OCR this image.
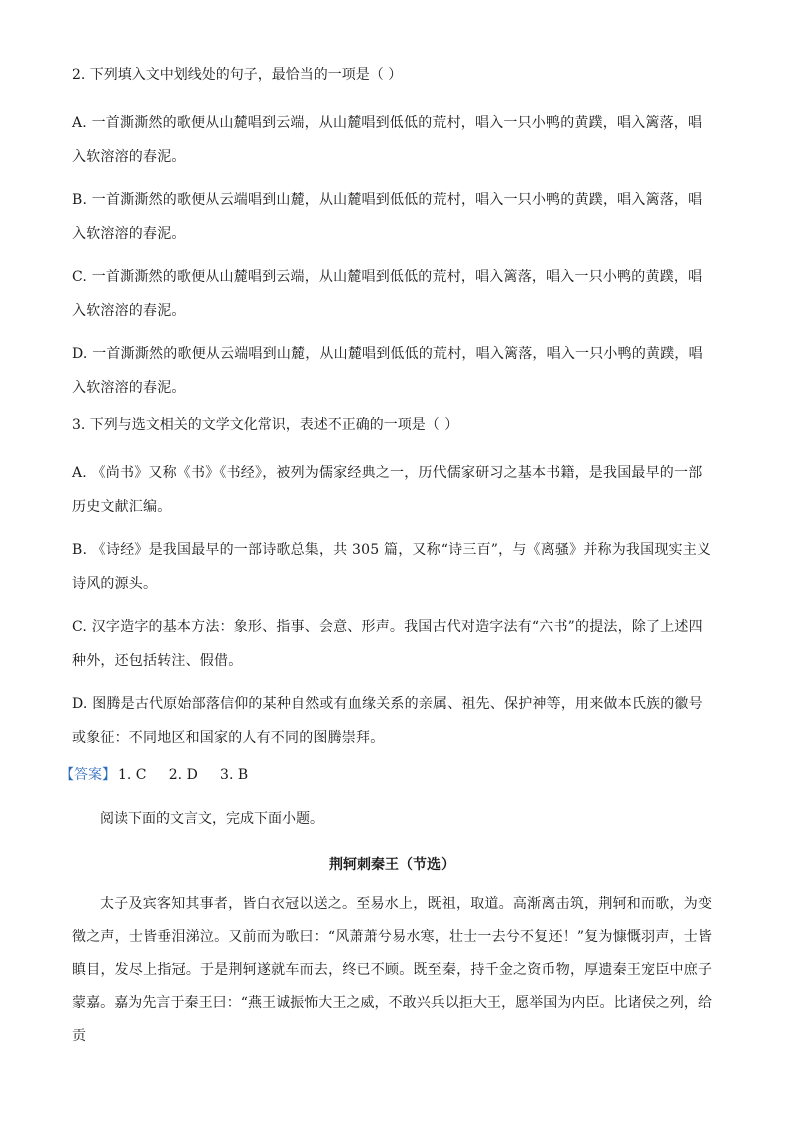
2. 下列填入文中划线处的句子，最恰当的一项是（ ）
A. 一首澌澌然的歌便从山麓唱到云端，从山麓唱到低低的荒村，唱入一只小鸭的黄蹼，唱入篱落，唱入软溶溶的春泥。
B. 一首澌澌然的歌便从云端唱到山麓，从山麓唱到低低的荒村，唱入一只小鸭的黄蹼，唱入篱落，唱入软溶溶的春泥。
C. 一首澌澌然的歌便从山麓唱到云端，从山麓唱到低低的荒村，唱入篱落，唱入一只小鸭的黄蹼，唱入软溶溶的春泥。
D. 一首澌澌然的歌便从云端唱到山麓，从山麓唱到低低的荒村，唱入篱落，唱入一只小鸭的黄蹼，唱入软溶溶的春泥。
3. 下列与选文相关的文学文化常识，表述不正确的一项是（ ）
A. 《尚书》又称《书》《书经》，被列为儒家经典之一，历代儒家研习之基本书籍，是我国最早的一部历史文献汇编。
B. 《诗经》是我国最早的一部诗歌总集，共 305 篇，又称“诗三百”，与《离骚》并称为我国现实主义诗风的源头。
C. 汉字造字的基本方法：象形、指事、会意、形声。我国古代对造字法有“六书”的提法，除了上述四种外，还包括转注、假借。
D. 图腾是古代原始部落信仰的某种自然或有血缘关系的亲属、祖先、保护神等，用来做本氏族的徽号或象征：不同地区和国家的人有不同的图腾崇拜。
【答案】 1. C     2. D     3. B
阅读下面的文言文，完成下面小题。
荆轲刺秦王（节选）

太子及宾客知其事者，皆白衣冠以送之。至易水上，既祖，取道。高渐离击筑，荆轲和而歌，为变徵之声，士皆垂泪涕泣。又前而为歌曰：“风萧萧兮易水寒，壮士一去兮不复还！”复为慷慨羽声，士皆瞋目，发尽上指冠。于是荆轲遂就车而去，终已不顾。既至秦，持千金之资币物，厚遗秦王宠臣中庶子蒙嘉。嘉为先言于秦王曰：“燕王诚振怖大王之威，不敢兴兵以拒大王，愿举国为内臣。比诸侯之列，给贡
